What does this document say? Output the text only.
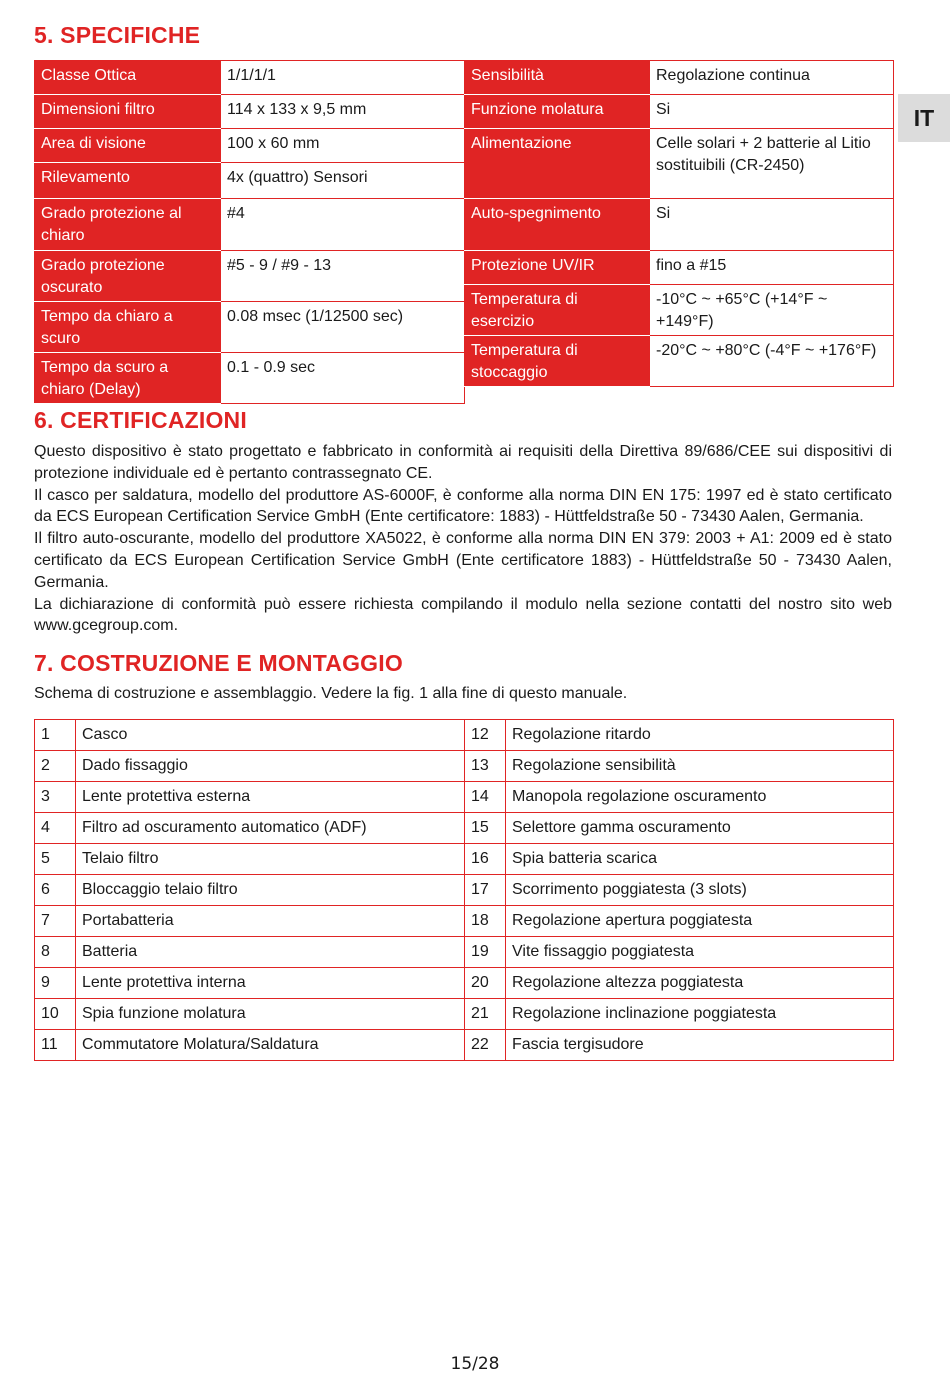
IT
5. SPECIFICHE
Classe Ottica	1/1/1/1
Dimensioni filtro	114 x 133 x 9,5 mm
Area di visione	100 x 60 mm
Rilevamento	4x (quattro) Sensori
Grado protezione al chiaro	#4
Grado protezione oscurato	#5 - 9 / #9 - 13
Tempo da chiaro a scuro	0.08 msec (1/12500 sec)
Tempo da scuro a chiaro (Delay)	0.1 - 0.9 sec
Sensibilità	Regolazione continua
Funzione molatura	Si
Alimentazione	Celle solari + 2 batterie al Litio sostituibili (CR-2450)
Auto-spegnimento	Si
Protezione UV/IR	fino a #15
Temperatura di esercizio	-10°C ~ +65°C (+14°F ~ +149°F)
Temperatura di stoccaggio	-20°C ~ +80°C (-4°F ~ +176°F)
6. CERTIFICAZIONI

Questo dispositivo è stato progettato e fabbricato in conformità ai requisiti della Direttiva 89/686/CEE sui dispositivi di protezione individuale ed è pertanto contrassegnato CE.

Il casco per saldatura, modello del produttore AS-6000F, è conforme alla norma DIN EN 175: 1997 ed è stato certificato da ECS European Certification Service GmbH (Ente certificatore: 1883) - Hüttfeldstraße 50 - 73430 Aalen, Germania.

Il filtro auto-oscurante, modello del produttore XA5022, è conforme alla norma DIN EN 379: 2003 + A1: 2009 ed è stato certificato da ECS European Certification Service GmbH (Ente certificatore 1883) - Hüttfeldstraße 50 - 73430 Aalen, Germania.

La dichiarazione di conformità può essere richiesta compilando il modulo nella sezione contatti del nostro sito web www.gcegroup.com.

7. COSTRUZIONE E MONTAGGIO
Schema di costruzione e assemblaggio. Vedere la fig. 1 alla fine di questo manuale.
1	Casco	12	Regolazione ritardo
2	Dado fissaggio	13	Regolazione sensibilità
3	Lente protettiva esterna	14	Manopola regolazione oscuramento
4	Filtro ad oscuramento automatico (ADF)	15	Selettore gamma oscuramento
5	Telaio filtro	16	Spia batteria scarica
6	Bloccaggio telaio filtro	17	Scorrimento poggiatesta (3 slots)
7	Portabatteria	18	Regolazione apertura poggiatesta
8	Batteria	19	Vite fissaggio poggiatesta
9	Lente protettiva interna	20	Regolazione altezza poggiatesta
10	Spia funzione molatura	21	Regolazione inclinazione poggiatesta
11	Commutatore Molatura/Saldatura	22	Fascia tergisudore
15/28
